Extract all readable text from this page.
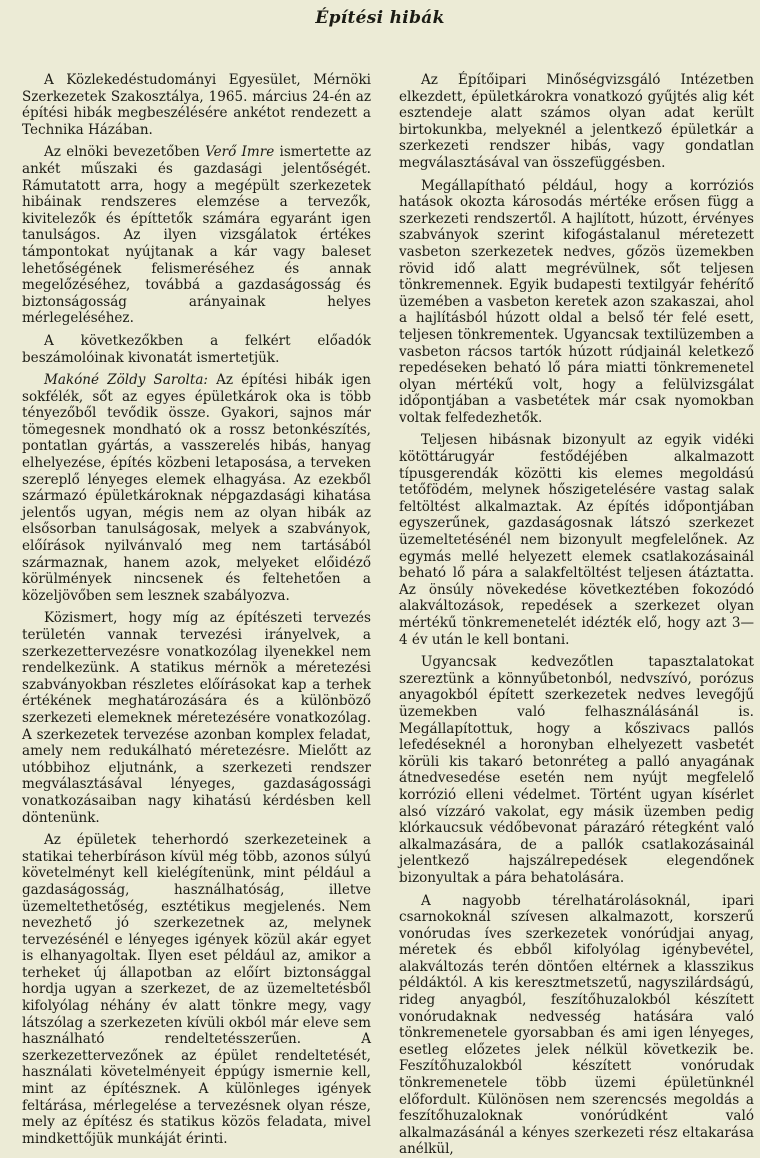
Építési hibák

A Közlekedéstudományi Egyesület, Mérnöki Szerkezetek Szakosztálya, 1965. március 24-én az építési hibák megbeszélésére ankétot rendezett a Technika Házában.

Az elnöki bevezetőben Verő Imre ismertette az ankét műszaki és gazdasági jelentőségét. Rámutatott arra, hogy a megépült szerkezetek hibáinak rendszeres elemzése a tervezők, kivitelezők és építtetők számára egyaránt igen tanulságos. Az ilyen vizsgálatok értékes támpontokat nyújtanak a kár vagy baleset lehetőségének felismeréséhez és annak megelőzéséhez, továbbá a gazdaságosság és biztonságosság arányainak helyes mérlegeléséhez.

A következőkben a felkért előadók beszámolóinak kivonatát ismertetjük.

Makóné Zöldy Sarolta: Az építési hibák igen sokfélék, sőt az egyes épületkárok oka is több tényezőből tevődik össze. Gyakori, sajnos már tömegesnek mondható ok a rossz betonkészítés, pontatlan gyártás, a vasszerelés hibás, hanyag elhelyezése, építés közbeni letaposása, a terveken szereplő lényeges elemek elhagyása. Az ezekből származó épületkároknak népgazdasági kihatása jelentős ugyan, mégis nem az olyan hibák az elsősorban tanulságosak, melyek a szabványok, előírások nyilvánvaló meg nem tartásából származnak, hanem azok, melyeket előidéző körülmények nincsenek és feltehetően a közeljövőben sem lesznek szabályozva.

Közismert, hogy míg az építészeti tervezés területén vannak tervezési irányelvek, a szerkezettervezésre vonatkozólag ilyenekkel nem rendelkezünk. A statikus mérnök a méretezési szabványokban részletes előírásokat kap a terhek értékének meghatározására és a különböző szerkezeti elemeknek méretezésére vonatkozólag. A szerkezetek tervezése azonban komplex feladat, amely nem redukálható méretezésre. Mielőtt az utóbbihoz eljutnánk, a szerkezeti rendszer megválasztásával lényeges, gazdaságossági vonatkozásaiban nagy kihatású kérdésben kell döntenünk.

Az épületek teherhordó szerkezeteinek a statikai teherbíráson kívül még több, azonos súlyú követelményt kell kielégítenünk, mint például a gazdaságosság, használhatóság, illetve üzemeltethetőség, esztétikus megjelenés. Nem nevezhető jó szerkezetnek az, melynek tervezésénél e lényeges igények közül akár egyet is elhanyagoltak. Ilyen eset például az, amikor a terheket új állapotban az előírt biztonsággal hordja ugyan a szerkezet, de az üzemeltetésből kifolyólag néhány év alatt tönkre megy, vagy látszólag a szerkezeten kívüli okból már eleve sem használható rendeltetésszerűen. A szerkezettervezőnek az épület rendeltetését, használati követelményeit éppúgy ismernie kell, mint az építésznek. A különleges igények feltárása, mérlegelése a tervezésnek olyan része, mely az építész és statikus közös feladata, mivel mindkettőjük munkáját érinti.

Az Építőipari Minőségvizsgáló Intézetben elkezdett, épületkárokra vonatkozó gyűjtés alig két esztendeje alatt számos olyan adat került birtokunkba, melyeknél a jelentkező épületkár a szerkezeti rendszer hibás, vagy gondatlan megválasztásával van összefüggésben.

Megállapítható például, hogy a korróziós hatások okozta károsodás mértéke erősen függ a szerkezeti rendszertől. A hajlított, húzott, érvényes szabványok szerint kifogástalanul méretezett vasbeton szerkezetek nedves, gőzös üzemekben rövid idő alatt megrévülnek, sőt teljesen tönkremennek. Egyik budapesti textilgyár fehérítő üzemében a vasbeton keretek azon szakaszai, ahol a hajlításból húzott oldal a belső tér felé esett, teljesen tönkrementek. Ugyancsak textilüzemben a vasbeton rácsos tartók húzott rúdjainál keletkező repedéseken beható lő pára miatti tönkremenetel olyan mértékű volt, hogy a felülvizsgálat időpontjában a vasbetétek már csak nyomokban voltak felfedezhetők.

Teljesen hibásnak bizonyult az egyik vidéki kötöttárugyár festődéjében alkalmazott típusgerendák közötti kis elemes megoldású tetőfödém, melynek hőszigetelésére vastag salak feltöltést alkalmaztak. Az építés időpontjában egyszerűnek, gazdaságosnak látszó szerkezet üzemeltetésénél nem bizonyult megfelelőnek. Az egymás mellé helyezett elemek csatlakozásainál beható lő pára a salakfeltöltést teljesen átáztatta. Az önsúly növekedése következtében fokozódó alakváltozások, repedések a szerkezet olyan mértékű tönkremenetelét idézték elő, hogy azt 3—4 év után le kell bontani.

Ugyancsak kedvezőtlen tapasztalatokat szereztünk a könnyűbetonból, nedvszívó, porózus anyagokból épített szerkezetek nedves levegőjű üzemekben való felhasználásánál is. Megállapítottuk, hogy a kőszivacs pallós lefedéseknél a horonyban elhelyezett vasbetét körüli kis takaró betonréteg a palló anyagának átnedvesedése esetén nem nyújt megfelelő korrózió elleni védelmet. Történt ugyan kísérlet alsó vízzáró vakolat, egy másik üzemben pedig klórkaucsuk védőbevonat párazáró rétegként való alkalmazására, de a pallók csatlakozásainál jelentkező hajszálrepedések elegendőnek bizonyultak a pára behatolására.

A nagyobb térelhatárolásoknál, ipari csarnokoknál szívesen alkalmazott, korszerű vonórudas íves szerkezetek vonórúdjai anyag, méretek és ebből kifolyólag igénybevétel, alakváltozás terén döntően eltérnek a klasszikus példáktól. A kis keresztmetszetű, nagyszilárdságú, rideg anyagból, feszítőhuzalokból készített vonórudaknak nedvesség hatására való tönkremenetele gyorsabban és ami igen lényeges, esetleg előzetes jelek nélkül következik be. Feszítőhuzalokból készített vonórudak tönkremenetele több üzemi épületünknél előfordult. Különösen nem szerencsés megoldás a feszítőhuzaloknak vonórúdként való alkalmazásánál a kényes szerkezeti rész eltakarása anélkül,
